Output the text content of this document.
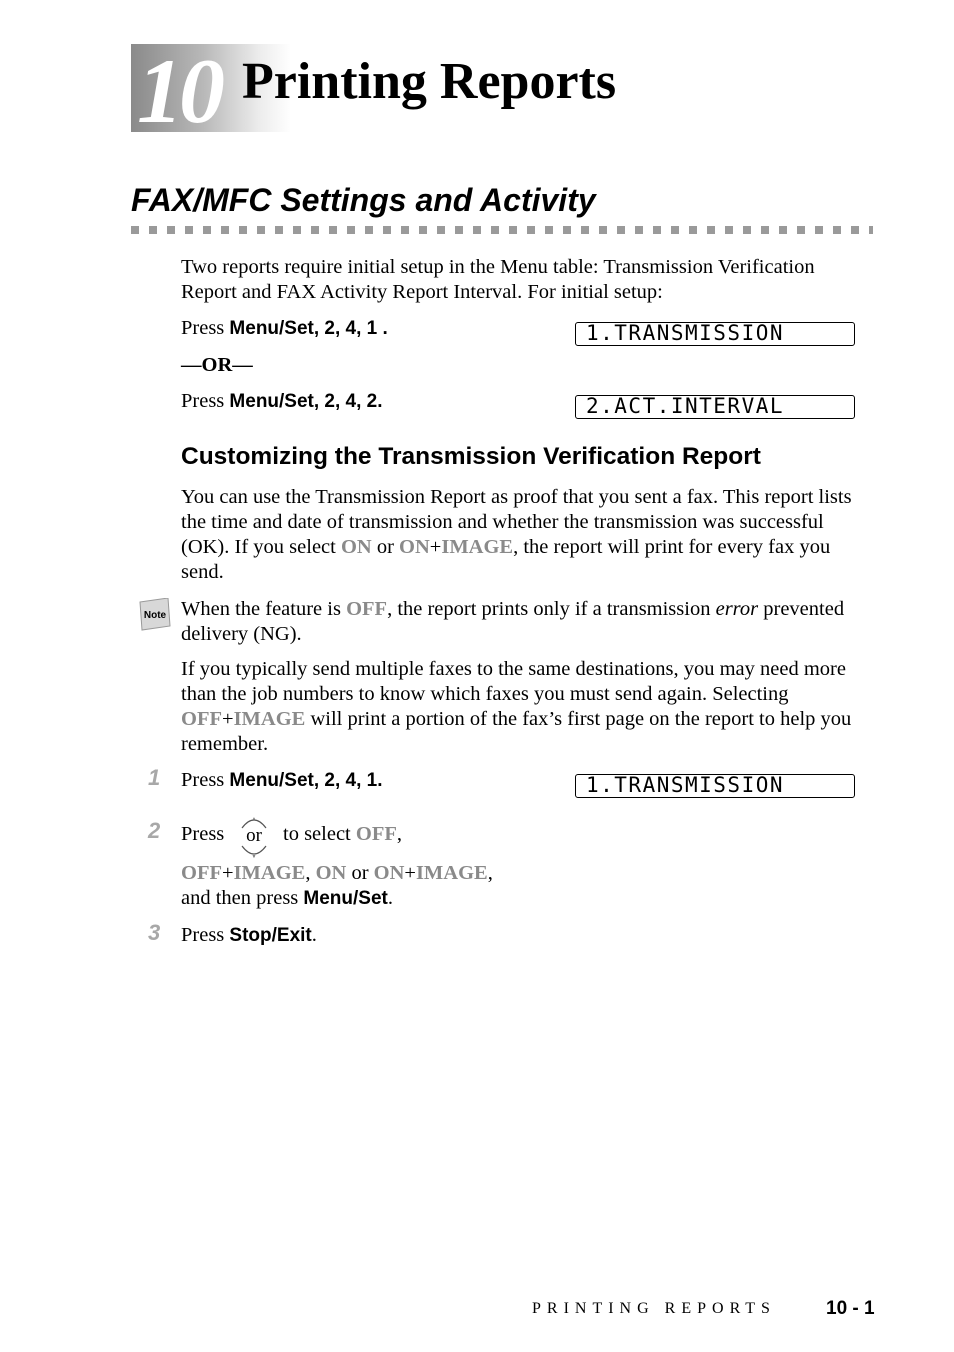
10 Printing Reports
FAX/MFC Settings and Activity
Two reports require initial setup in the Menu table: Transmission Verification Report and FAX Activity Report Interval. For initial setup:
Press Menu/Set, 2, 4, 1 .	1.TRANSMISSION
—OR—
Press Menu/Set, 2, 4, 2.	2.ACT.INTERVAL
Customizing the Transmission Verification Report
You can use the Transmission Report as proof that you sent a fax. This report lists the time and date of transmission and whether the transmission was successful (OK). If you select ON or ON+IMAGE, the report will print for every fax you send.
Note When the feature is OFF, the report prints only if a transmission error prevented delivery (NG).
If you typically send multiple faxes to the same destinations, you may need more than the job numbers to know which faxes you must send again. Selecting OFF+IMAGE will print a portion of the fax’s first page on the report to help you remember.
1 Press Menu/Set, 2, 4, 1.	1.TRANSMISSION
2 Press
▲
▼
or to select OFF,
OFF+IMAGE, ON or ON+IMAGE,
and then press Menu/Set.
3 Press Stop/Exit.
PRINTING REPORTS	10 - 1
